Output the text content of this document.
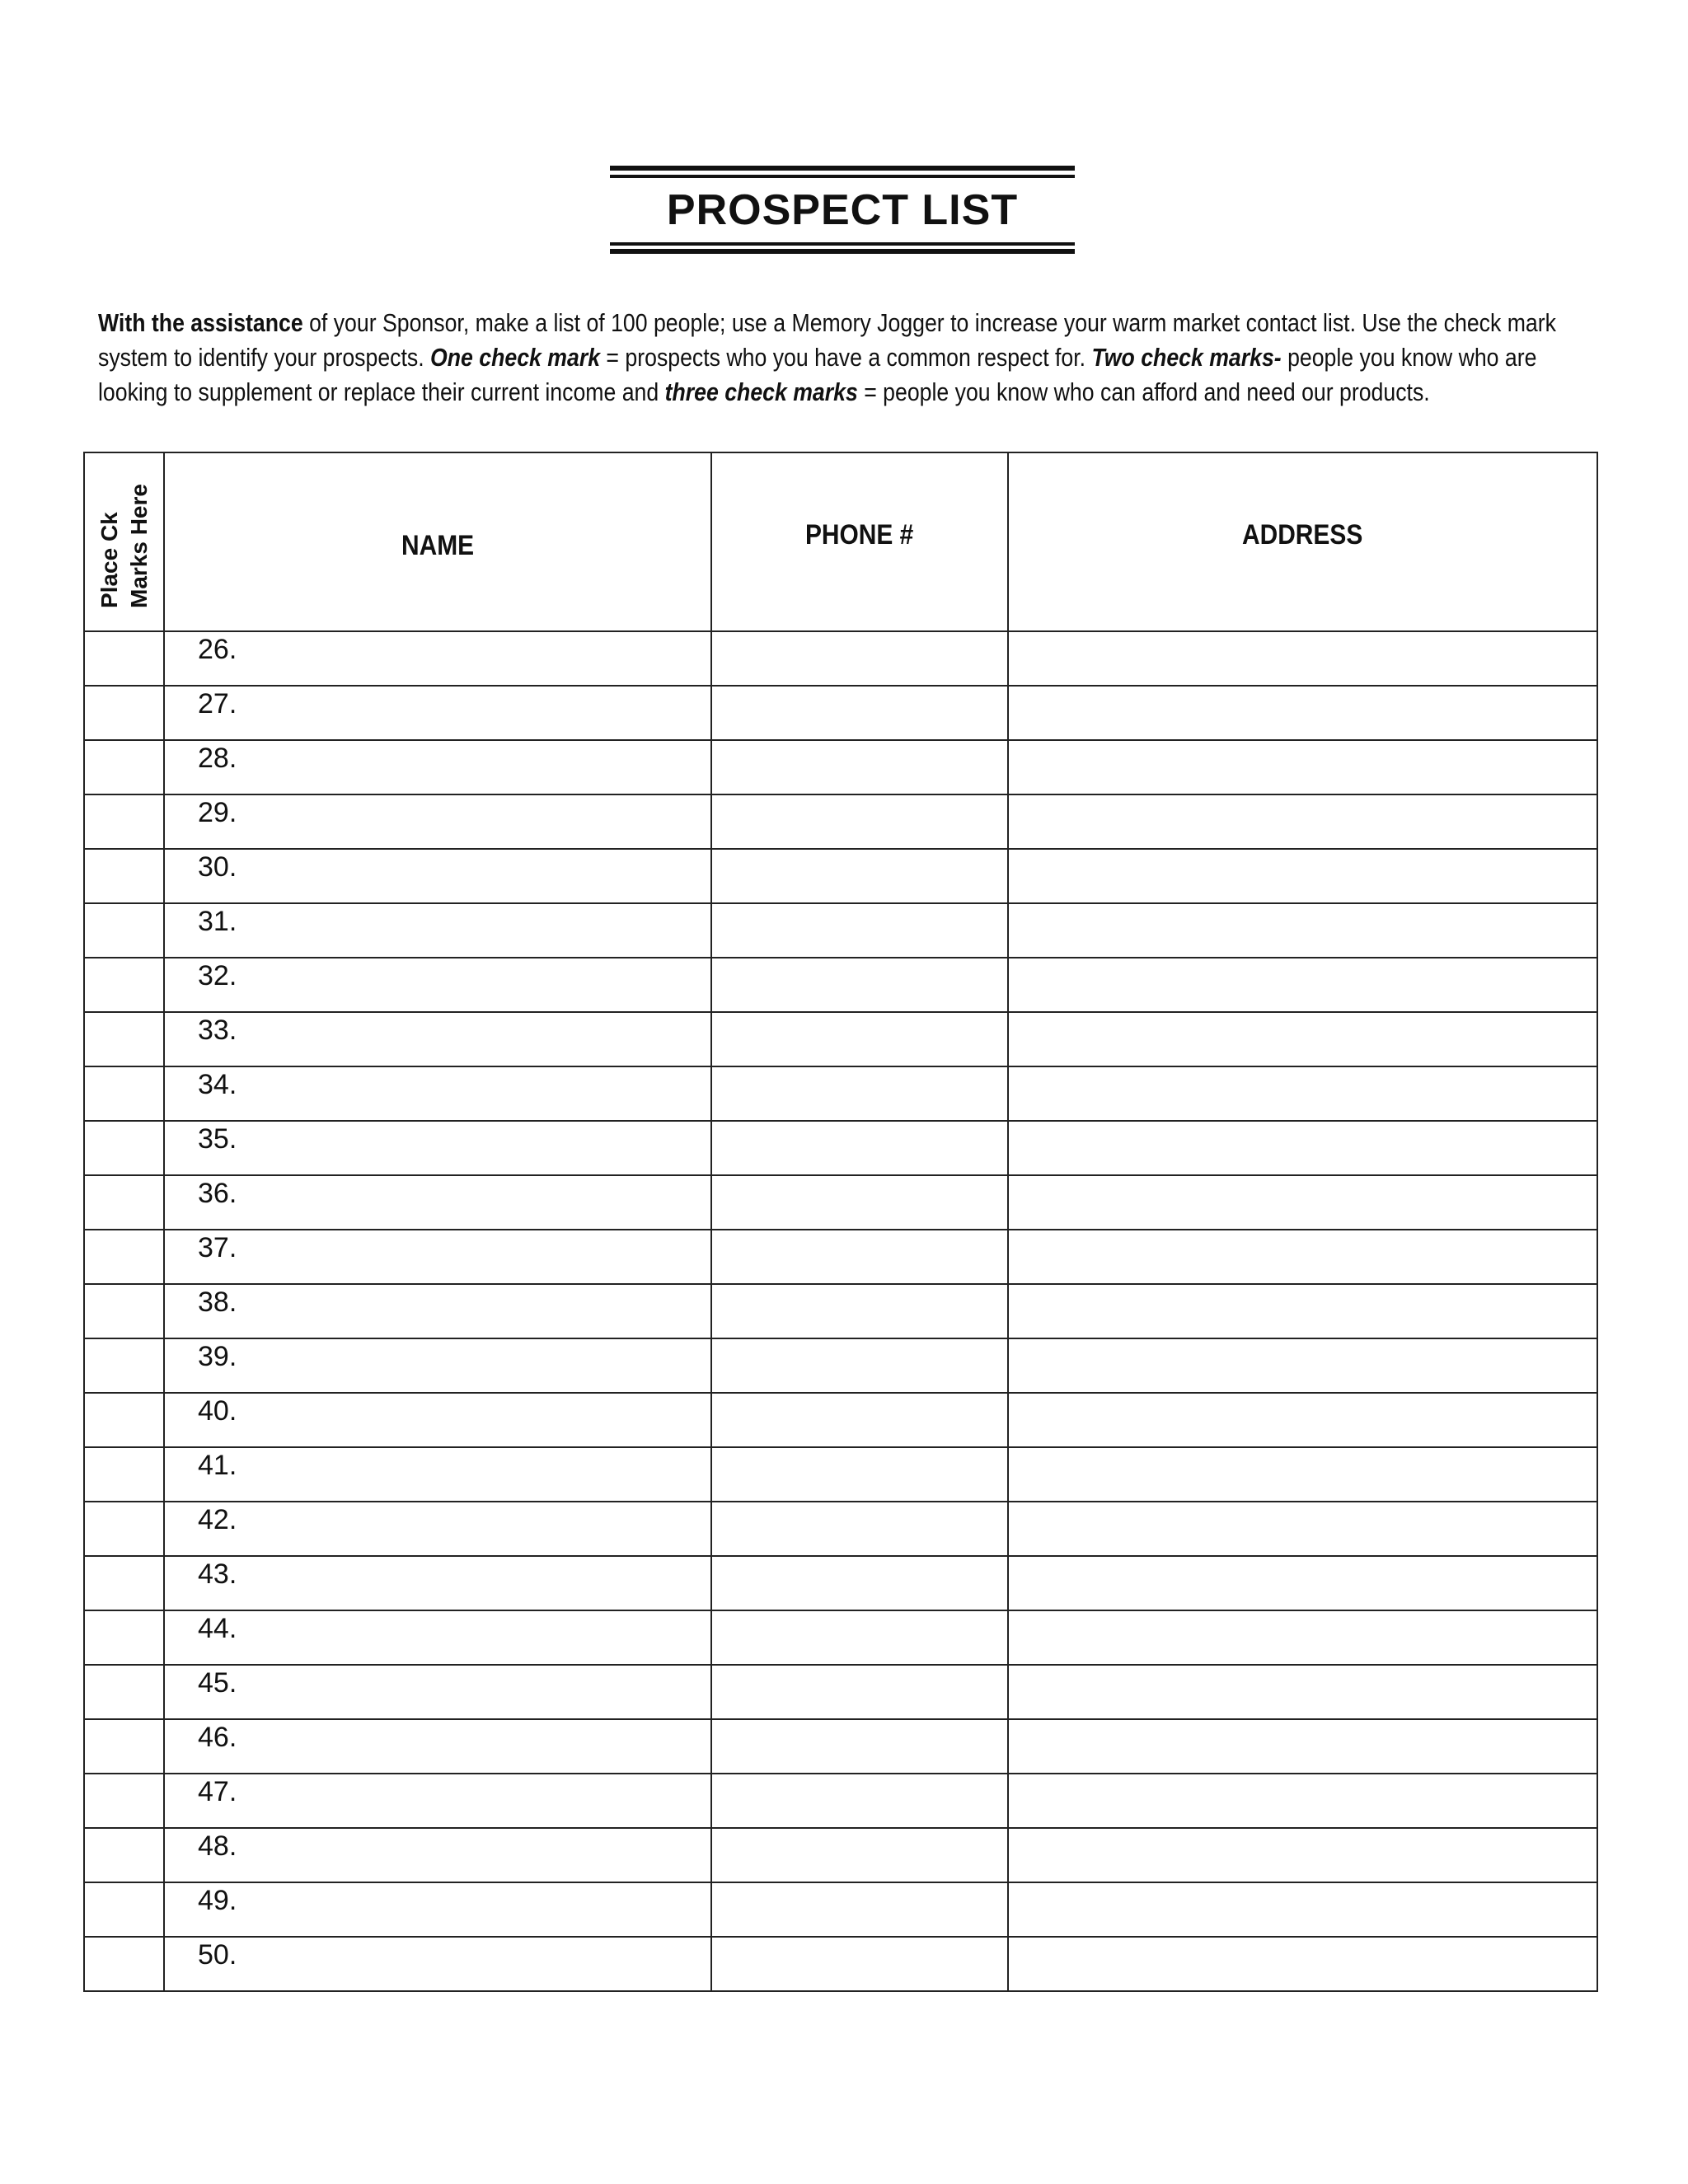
PROSPECT LIST

With the assistance of your Sponsor, make a list of 100 people; use a Memory Jogger to increase your warm market contact list. Use the check mark system to identify your prospects. One check mark = prospects who you have a common respect for. Two check marks- people you know who are looking to supplement or replace their current income and three check marks = people you know who can afford and need our products.

Place Ck Marks Here	NAME	PHONE #	ADDRESS

	26.		

	27.		

	28.		

	29.		

	30.		

	31.		

	32.		

	33.		

	34.		

	35.		

	36.		

	37.		

	38.		

	39.		

	40.		

	41.		

	42.		

	43.		

	44.		

	45.		

	46.		

	47.		

	48.		

	49.		

	50.		
